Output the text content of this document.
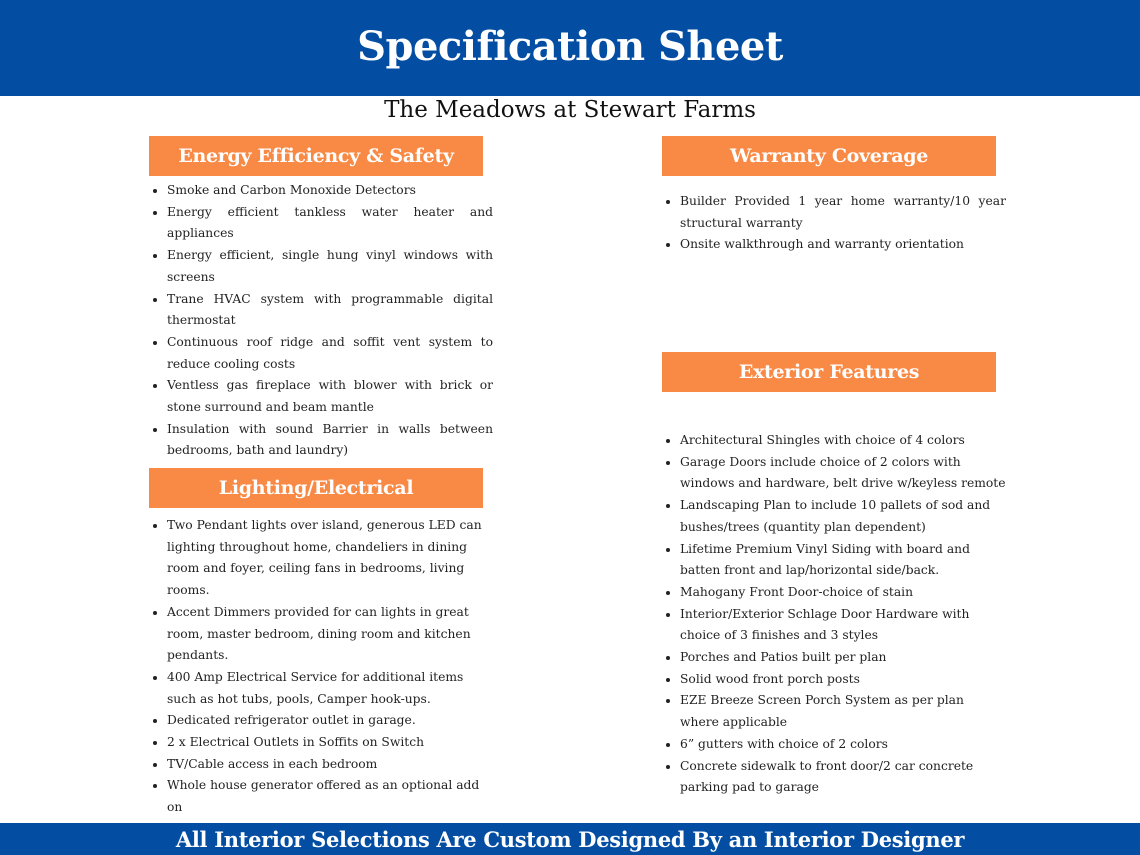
Specification Sheet
The Meadows at Stewart Farms
Energy Efficiency & Safety
• Smoke and Carbon Monoxide Detectors
• Energy efficient tankless water heater and appliances
• Energy efficient, single hung vinyl windows with screens
• Trane HVAC system with programmable digital thermostat
• Continuous roof ridge and soffit vent system to reduce cooling costs
• Ventless gas fireplace with blower with brick or stone surround and beam mantle
• Insulation with sound Barrier in walls between bedrooms, bath and laundry)
Lighting/Electrical
• Two Pendant lights over island, generous LED can lighting throughout home, chandeliers in dining room and foyer, ceiling fans in bedrooms, living rooms.
• Accent Dimmers provided for can lights in great room, master bedroom, dining room and kitchen pendants.
• 400 Amp Electrical Service for additional items such as hot tubs, pools, Camper hook-ups.
• Dedicated refrigerator outlet in garage.
• 2 x Electrical Outlets in Soffits on Switch
• TV/Cable access in each bedroom
• Whole house generator offered as an optional add on
Warranty Coverage
• Builder Provided 1 year home warranty/10 year structural warranty
• Onsite walkthrough and warranty orientation
Exterior Features
• Architectural Shingles with choice of 4 colors
• Garage Doors include choice of 2 colors with windows and hardware, belt drive w/keyless remote
• Landscaping Plan to include 10 pallets of sod and bushes/trees (quantity plan dependent)
• Lifetime Premium Vinyl Siding with board and batten front and lap/horizontal side/back.
• Mahogany Front Door-choice of stain
• Interior/Exterior Schlage Door Hardware with choice of 3 finishes and 3 styles
• Porches and Patios built per plan
• Solid wood front porch posts
• EZE Breeze Screen Porch System as per plan where applicable
• 6” gutters with choice of 2 colors
• Concrete sidewalk to front door/2 car concrete parking pad to garage
All Interior Selections Are Custom Designed By an Interior Designer
